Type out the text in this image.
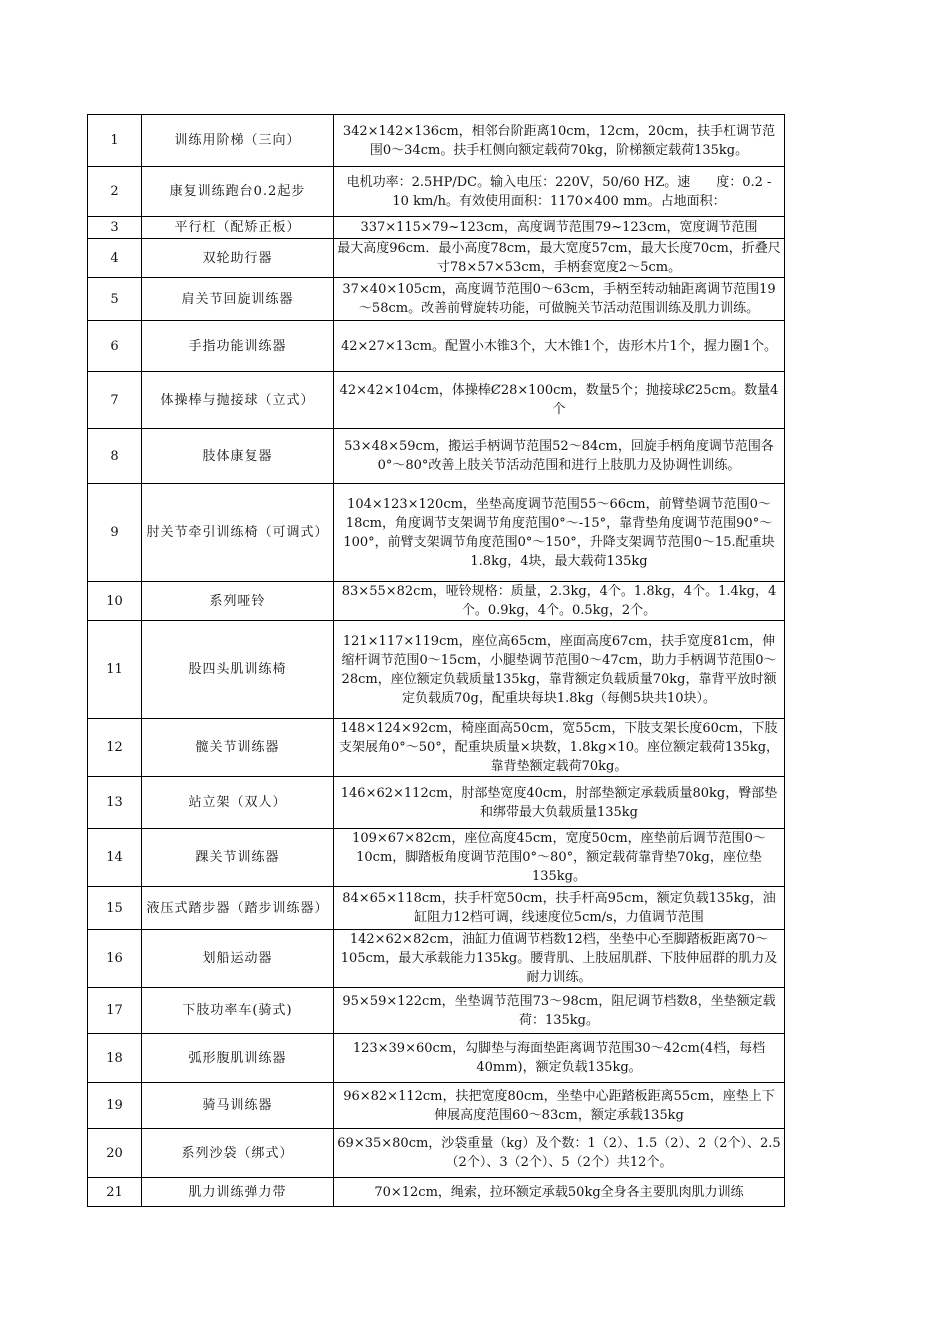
1	训练用阶梯（三向）	342×142×136cm，相邻台阶距离10cm，12cm，20cm，扶手杠调节范围0～34cm。扶手杠侧向额定载荷70kg，阶梯额定载荷135kg。

2	康复训练跑台0.2起步	电机功率：2.5HP/DC。输入电压：220V，50/60 HZ。速　　度：0.2 - 10 km/h。有效使用面积：1170×400 mm。占地面积：

3	平行杠（配矫正板）	337×115×79~123cm，高度调节范围79~123cm，宽度调节范围

4	双轮助行器	最大高度96cm．最小高度78cm，最大宽度57cm，最大长度70cm，折叠尺寸78×57×53cm，手柄套宽度2～5cm。

5	肩关节回旋训练器	37×40×105cm，高度调节范围0～63cm，手柄至转动轴距离调节范围19～58cm。改善前臂旋转功能，可做腕关节活动范围训练及肌力训练。

6	手指功能训练器	42×27×13cm。配置小木锥3个，大木锥1个，齿形木片1个，握力圈1个。

7	体操棒与抛接球（立式）	42×42×104cm，体操棒Ȼ28×100cm，数量5个；抛接球Ȼ25cm。数量4个

8	肢体康复器	53×48×59cm，搬运手柄调节范围52～84cm，回旋手柄角度调节范围各0°～80°改善上肢关节活动范围和进行上肢肌力及协调性训练。

9	肘关节牵引训练椅（可调式）	104×123×120cm，坐垫高度调节范围55～66cm，前臂垫调节范围0～18cm，角度调节支架调节角度范围0°～-15°，靠背垫角度调节范围90°～100°，前臂支架调节角度范围0°～150°，升降支架调节范围0～15.配重块1.8kg，4块，最大载荷135kg

10	系列哑铃	83×55×82cm，哑铃规格：质量，2.3kg，4个。1.8kg，4个。1.4kg，4个。0.9kg，4个。0.5kg，2个。

11	股四头肌训练椅	121×117×119cm，座位高65cm，座面高度67cm，扶手宽度81cm，伸缩杆调节范围0～15cm，小腿垫调节范围0～47cm，助力手柄调节范围0～28cm，座位额定负载质量135kg，靠背额定负载质量70kg，靠背平放时额定负载质70g，配重块每块1.8kg（每侧5块共10块）。

12	髋关节训练器	148×124×92cm，椅座面高50cm，宽55cm，下肢支架长度60cm，下肢支架展角0°～50°，配重块质量×块数，1.8kg×10。座位额定载荷135kg，靠背垫额定载荷70kg。

13	站立架（双人）	146×62×112cm，肘部垫宽度40cm，肘部垫额定承载质量80kg，臀部垫和绑带最大负载质量135kg

14	踝关节训练器	109×67×82cm，座位高度45cm，宽度50cm，座垫前后调节范围0～10cm，脚踏板角度调节范围0°～80°，额定载荷靠背垫70kg，座位垫135kg。

15	液压式踏步器（踏步训练器）	84×65×118cm，扶手杆宽50cm，扶手杆高95cm，额定负载135kg，油缸阻力12档可调，线速度位5cm/s，力值调节范围

16	划船运动器	142×62×82cm，油缸力值调节档数12档，坐垫中心至脚踏板距离70～105cm，最大承载能力135kg。腰背肌、上肢屈肌群、下肢伸屈群的肌力及耐力训练。

17	下肢功率车(骑式)	95×59×122cm，坐垫调节范围73～98cm，阻尼调节档数8，坐垫额定载荷：135kg。

18	弧形腹肌训练器	123×39×60cm，勾脚垫与海面垫距离调节范围30～42cm(4档，每档40mm)，额定负载135kg。

19	骑马训练器	96×82×112cm，扶把宽度80cm，坐垫中心距踏板距离55cm，座垫上下伸展高度范围60～83cm，额定承载135kg

20	系列沙袋（绑式）	69×35×80cm，沙袋重量（kg）及个数：1（2）、1.5（2）、2（2个）、2.5（2个）、3（2个）、5（2个）共12个。

21	肌力训练弹力带	70×12cm，绳索，拉环额定承载50kg全身各主要肌肉肌力训练
